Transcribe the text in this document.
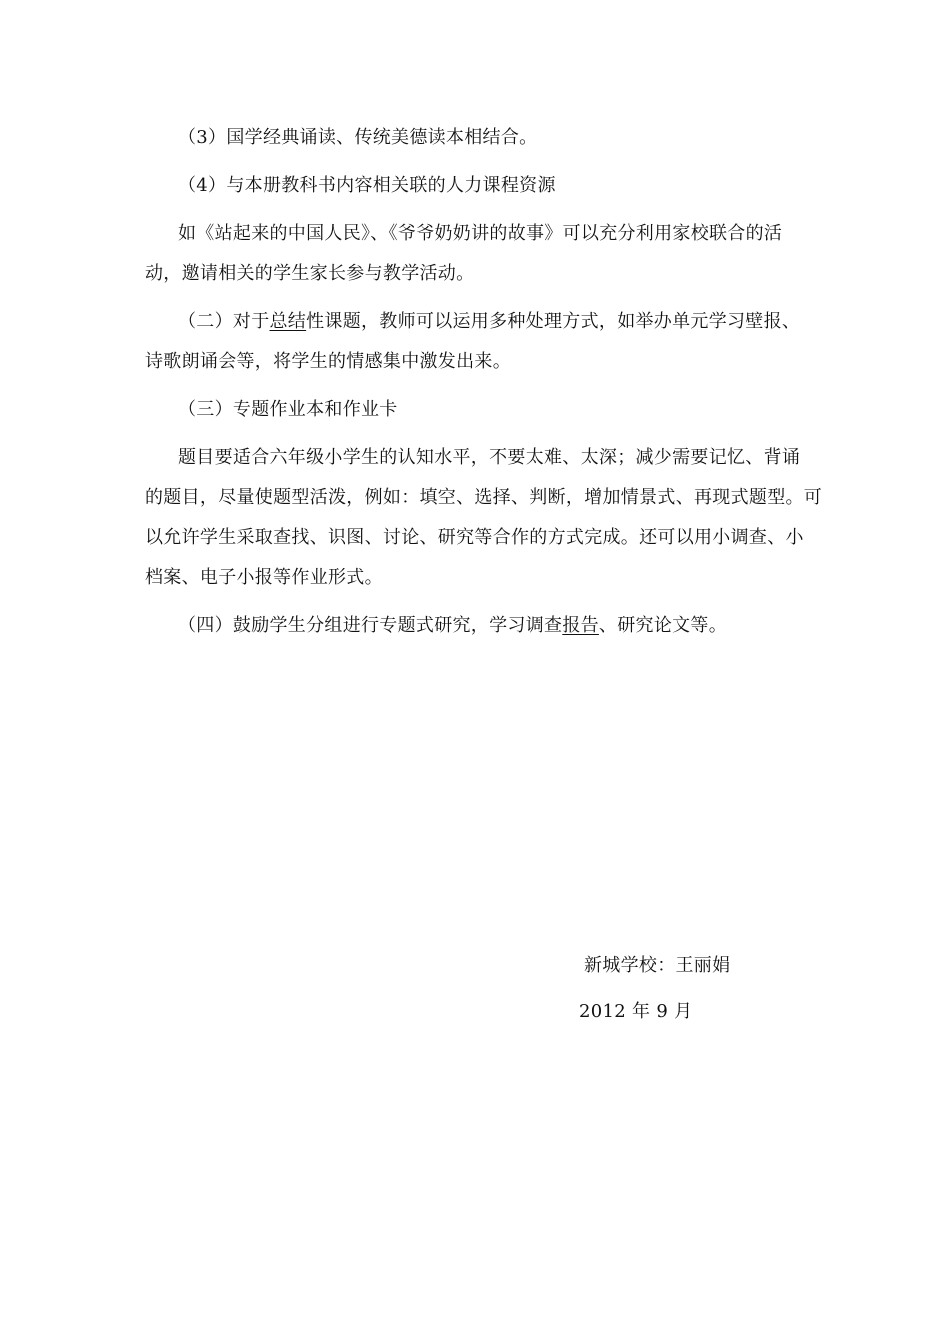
（3）国学经典诵读、传统美德读本相结合。
（4）与本册教科书内容相关联的人力课程资源
如《站起来的中国人民》、《爷爷奶奶讲的故事》可以充分利用家校联合的活
动，邀请相关的学生家长参与教学活动。
（二）对于总结性课题，教师可以运用多种处理方式，如举办单元学习壁报、
诗歌朗诵会等，将学生的情感集中激发出来。
（三）专题作业本和作业卡
题目要适合六年级小学生的认知水平，不要太难、太深；减少需要记忆、背诵
的题目，尽量使题型活泼，例如：填空、选择、判断，增加情景式、再现式题型。可
以允许学生采取查找、识图、讨论、研究等合作的方式完成。还可以用小调查、小
档案、电子小报等作业形式。
（四）鼓励学生分组进行专题式研究，学习调查报告、研究论文等。
新城学校：王丽娟
2012 年 9 月
